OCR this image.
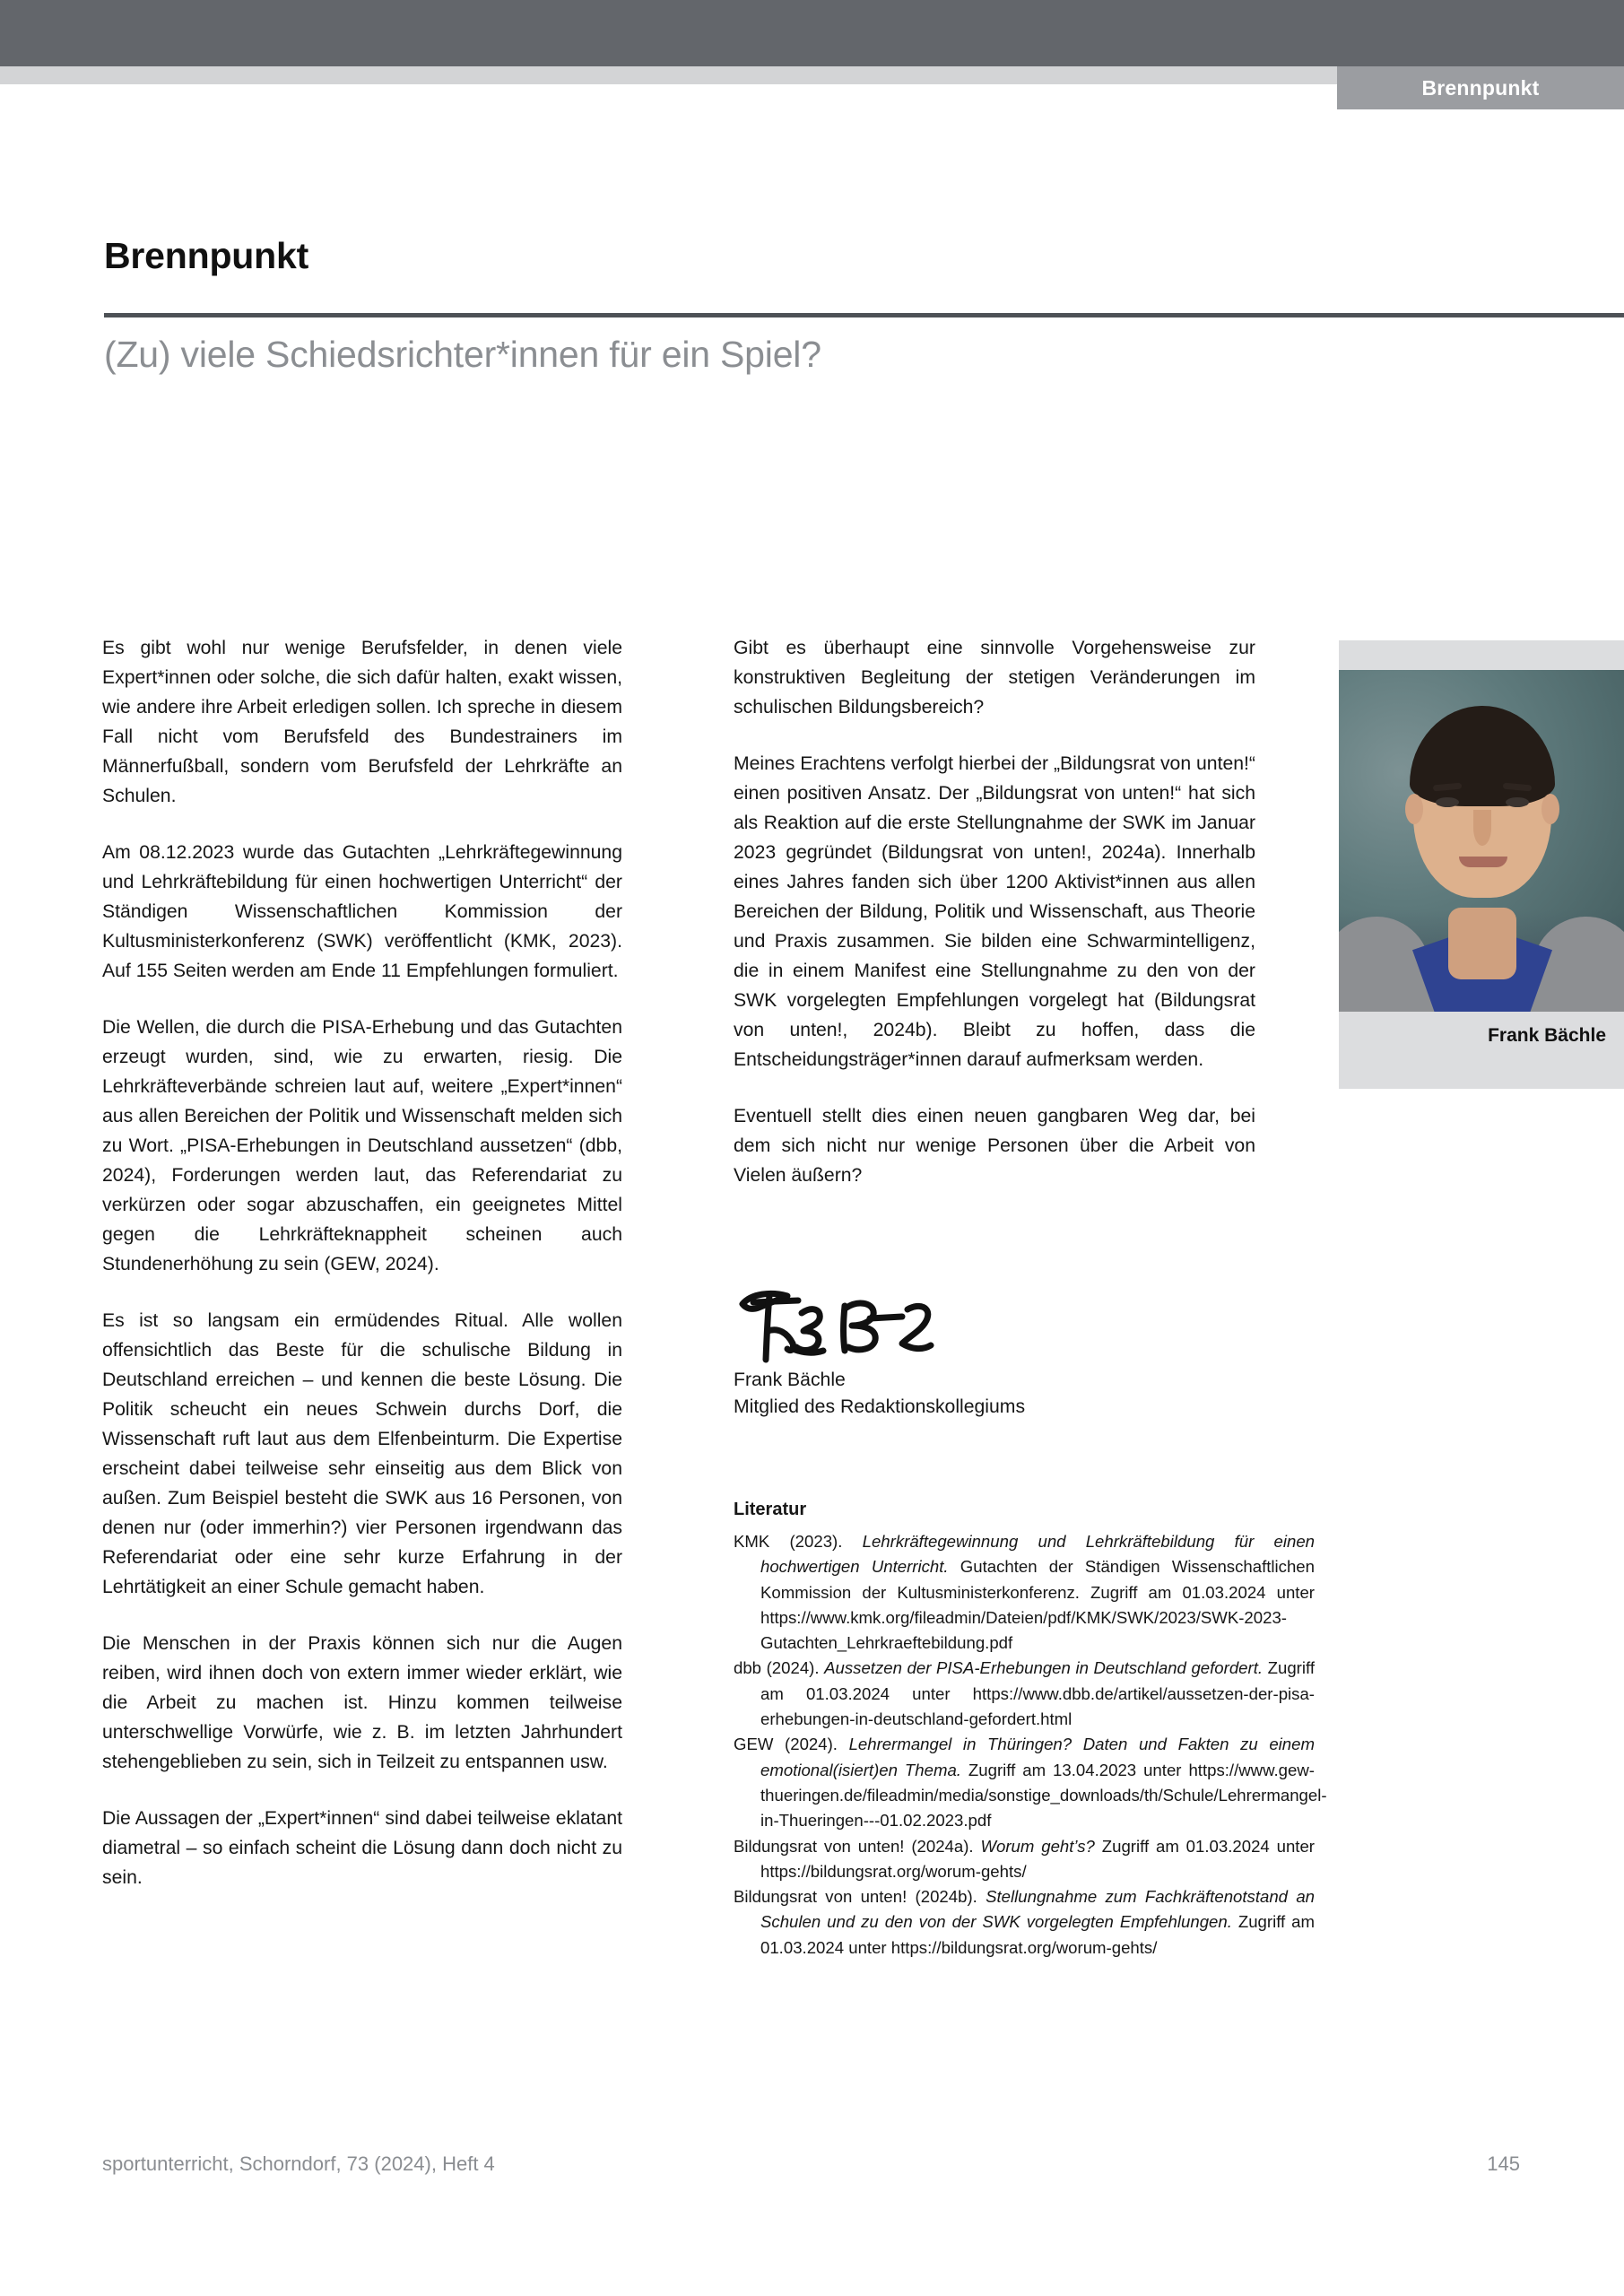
Brennpunkt
Brennpunkt
(Zu) viele Schiedsrichter*innen für ein Spiel?

Es gibt wohl nur wenige Berufsfelder, in denen viele Expert*innen oder solche, die sich dafür halten, exakt wissen, wie andere ihre Arbeit erledigen sollen. Ich spreche in diesem Fall nicht vom Berufsfeld des Bundestrainers im Männerfußball, sondern vom Berufsfeld der Lehrkräfte an Schulen.

Am 08.12.2023 wurde das Gutachten „Lehrkräftegewinnung und Lehrkräftebildung für einen hochwertigen Unterricht“ der Ständigen Wissenschaftlichen Kommission der Kultusministerkonferenz (SWK) veröffentlicht (KMK, 2023). Auf 155 Seiten werden am Ende 11 Empfehlungen formuliert.

Die Wellen, die durch die PISA-Erhebung und das Gutachten erzeugt wurden, sind, wie zu erwarten, riesig. Die Lehrkräfteverbände schreien laut auf, weitere „Expert*innen“ aus allen Bereichen der Politik und Wissenschaft melden sich zu Wort. „PISA-Erhebungen in Deutschland aussetzen“ (dbb, 2024), Forderungen werden laut, das Referendariat zu verkürzen oder sogar abzuschaffen, ein geeignetes Mittel gegen die Lehrkräfteknappheit scheinen auch Stundenerhöhung zu sein (GEW, 2024).

Es ist so langsam ein ermüdendes Ritual. Alle wollen offensichtlich das Beste für die schulische Bildung in Deutschland erreichen – und kennen die beste Lösung. Die Politik scheucht ein neues Schwein durchs Dorf, die Wissenschaft ruft laut aus dem Elfenbeinturm. Die Expertise erscheint dabei teilweise sehr einseitig aus dem Blick von außen. Zum Beispiel besteht die SWK aus 16 Personen, von denen nur (oder immerhin?) vier Personen irgendwann das Referendariat oder eine sehr kurze Erfahrung in der Lehrtätigkeit an einer Schule gemacht haben.

Die Menschen in der Praxis können sich nur die Augen reiben, wird ihnen doch von extern immer wieder erklärt, wie die Arbeit zu machen ist. Hinzu kommen teilweise unterschwellige Vorwürfe, wie z. B. im letzten Jahrhundert stehengeblieben zu sein, sich in Teilzeit zu entspannen usw.

Die Aussagen der „Expert*innen“ sind dabei teilweise eklatant diametral – so einfach scheint die Lösung dann doch nicht zu sein.

Gibt es überhaupt eine sinnvolle Vorgehensweise zur konstruktiven Begleitung der stetigen Veränderungen im schulischen Bildungsbereich?

Meines Erachtens verfolgt hierbei der „Bildungsrat von unten!“ einen positiven Ansatz. Der „Bildungsrat von unten!“ hat sich als Reaktion auf die erste Stellungnahme der SWK im Januar 2023 gegründet (Bildungsrat von unten!, 2024a). Innerhalb eines Jahres fanden sich über 1200 Aktivist*innen aus allen Bereichen der Bildung, Politik und Wissenschaft, aus Theorie und Praxis zusammen. Sie bilden eine Schwarmintelligenz, die in einem Manifest eine Stellungnahme zu den von der SWK vorgelegten Empfehlungen vorgelegt hat (Bildungsrat von unten!, 2024b). Bleibt zu hoffen, dass die Entscheidungsträger*innen darauf aufmerksam werden.

Eventuell stellt dies einen neuen gangbaren Weg dar, bei dem sich nicht nur wenige Personen über die Arbeit von Vielen äußern?

Frank Bächle
Frank Bächle
Mitglied des Redaktionskollegiums
Literatur

KMK (2023). Lehrkräftegewinnung und Lehrkräftebildung für einen hochwertigen Unterricht. Gutachten der Ständigen Wissenschaftlichen Kommission der Kultusministerkonferenz. Zugriff am 01.03.2024 unter https://www.kmk.org/fileadmin/Dateien/pdf/KMK/SWK/2023/SWK-2023-Gutachten_Lehrkraeftebildung.pdf

dbb (2024). Aussetzen der PISA-Erhebungen in Deutschland gefordert. Zugriff am 01.03.2024 unter https://www.dbb.de/artikel/aussetzen-der-pisa-erhebungen-in-deutschland-gefordert.html

GEW (2024). Lehrermangel in Thüringen? Daten und Fakten zu einem emotional(isiert)en Thema. Zugriff am 13.04.2023 unter https://www.gew-thueringen.de/fileadmin/media/sonstige_downloads/th/Schule/Lehrermangel-in-Thueringen---01.02.2023.pdf

Bildungsrat von unten! (2024a). Worum geht’s? Zugriff am 01.03.2024 unter https://bildungsrat.org/worum-gehts/

Bildungsrat von unten! (2024b). Stellungnahme zum Fachkräftenotstand an Schulen und zu den von der SWK vorgelegten Empfehlungen. Zugriff am 01.03.2024 unter https://bildungsrat.org/worum-gehts/

sportunterricht, Schorndorf, 73 (2024), Heft 4	145
